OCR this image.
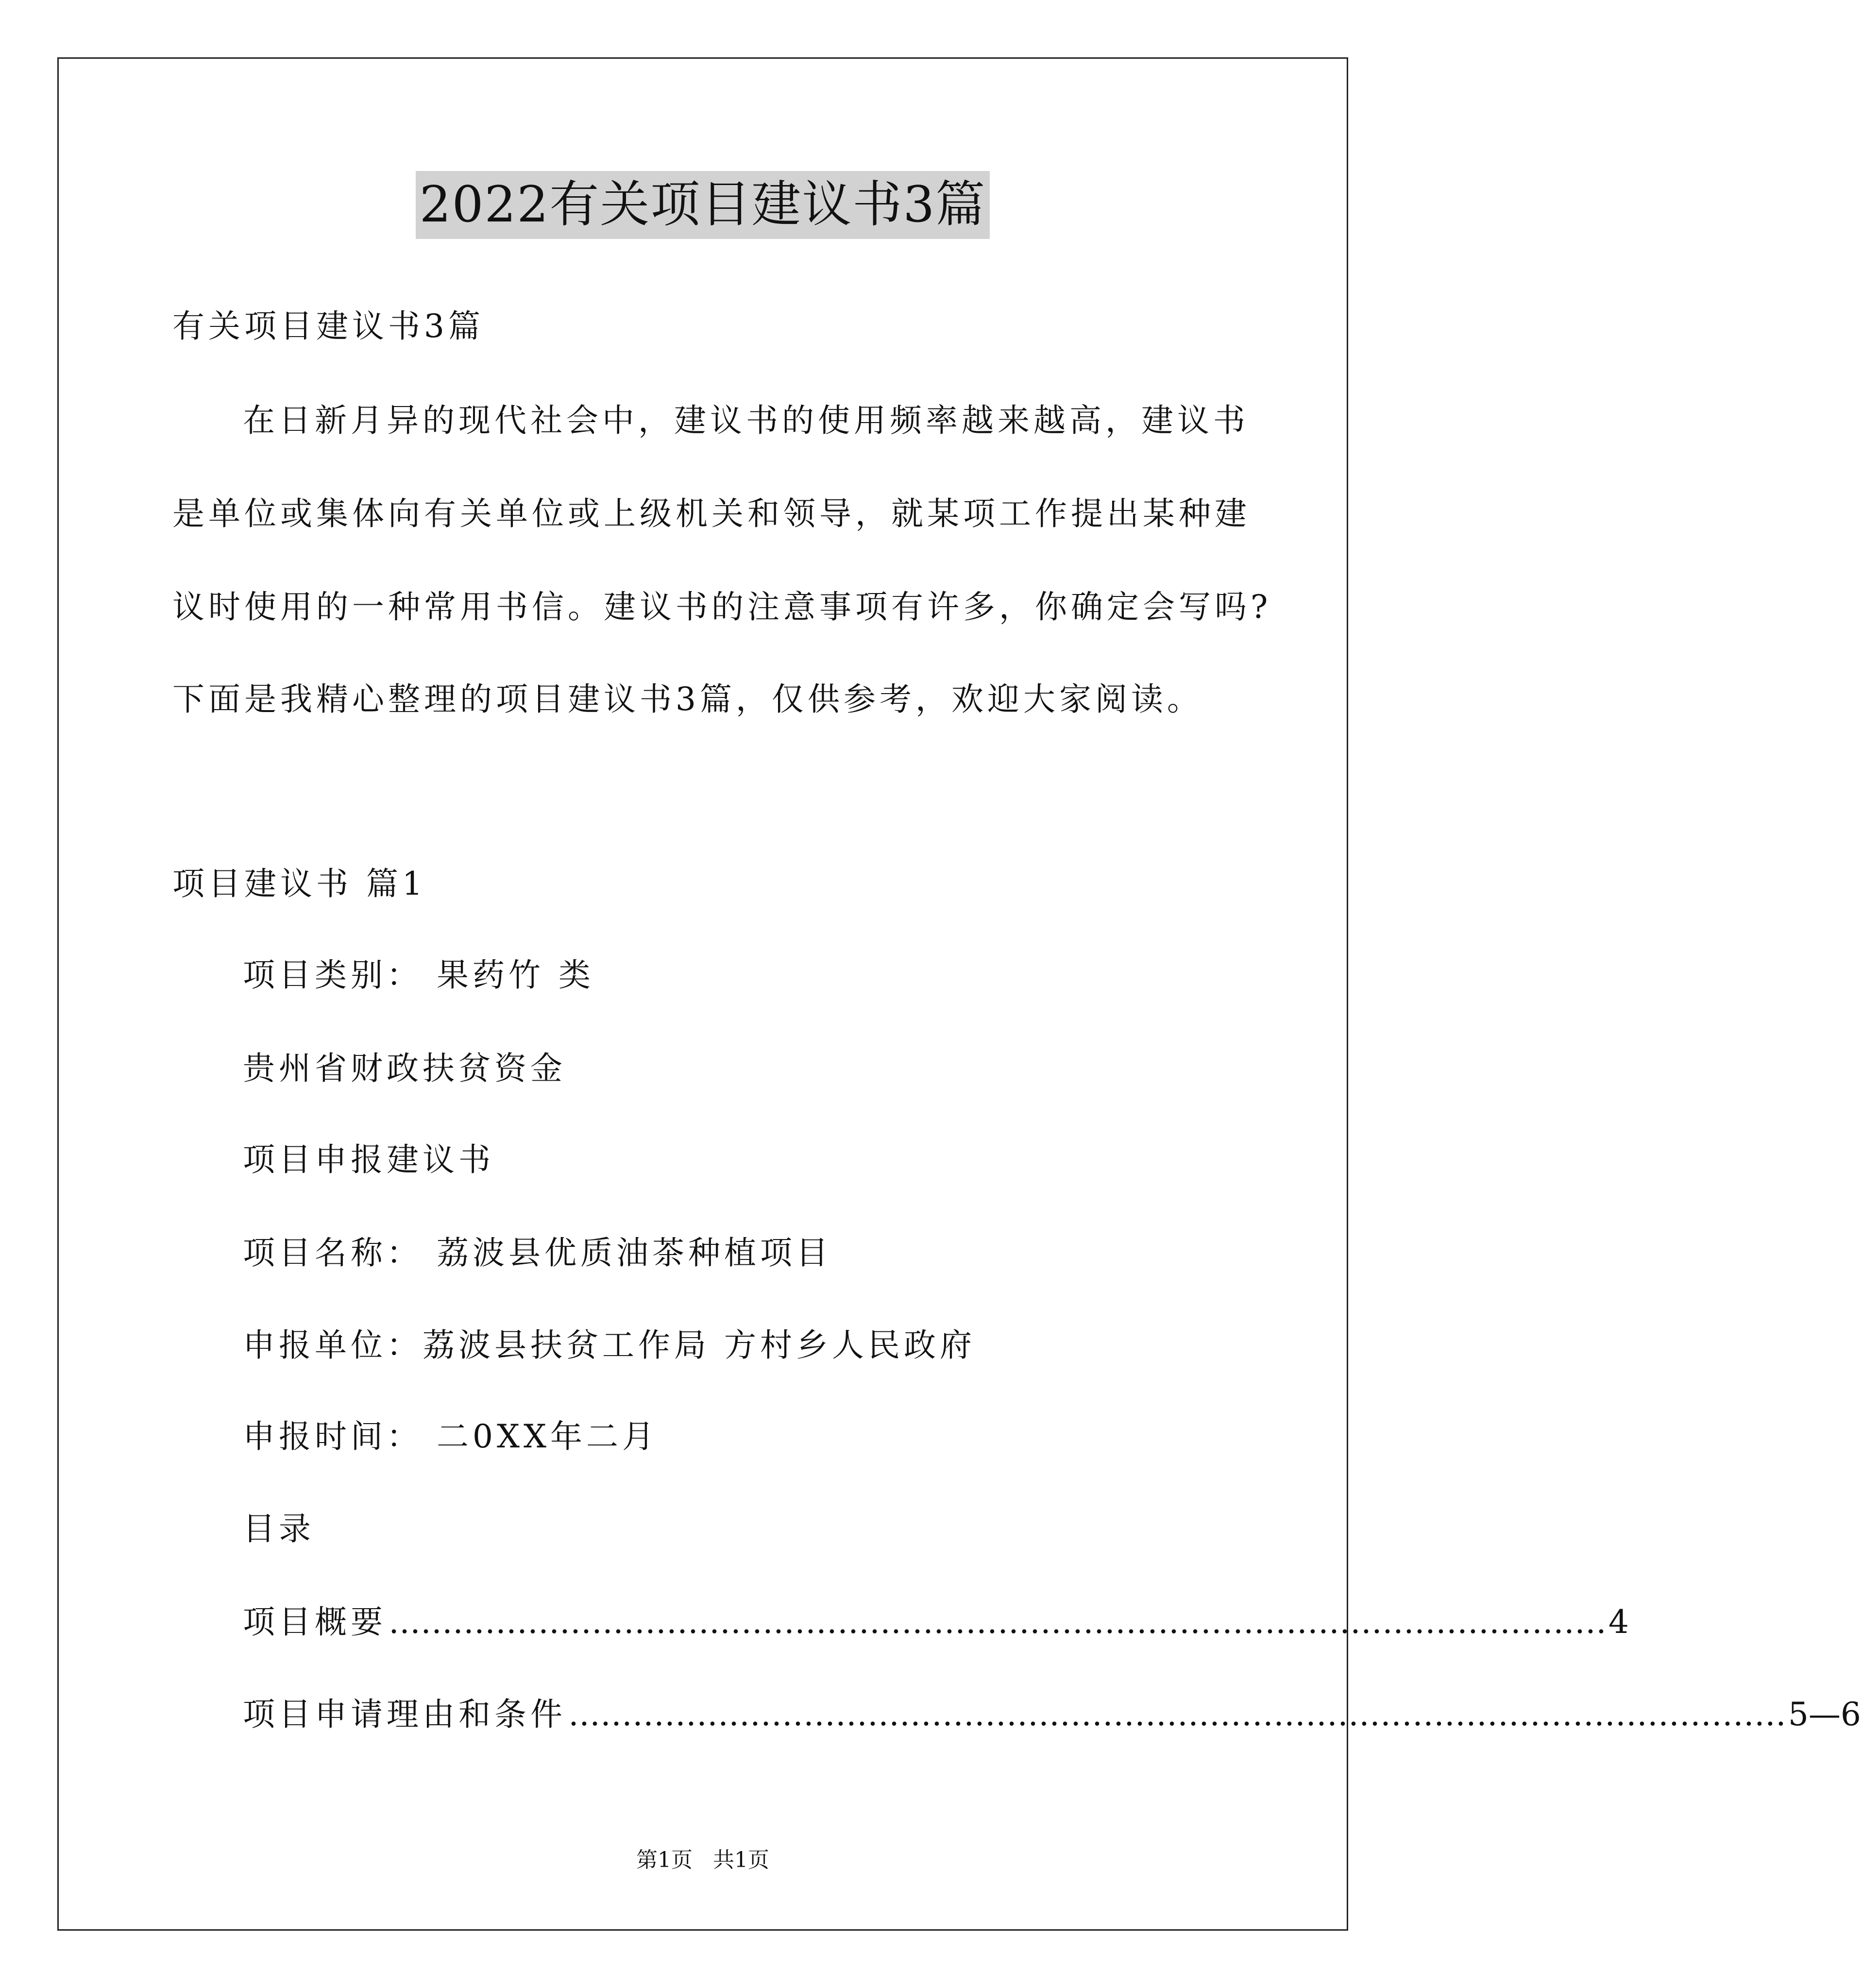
2022有关项目建议书3篇
有关项目建议书3篇
在日新月异的现代社会中，建议书的使用频率越来越高，建议书
是单位或集体向有关单位或上级机关和领导，就某项工作提出某种建
议时使用的一种常用书信。建议书的注意事项有许多，你确定会写吗?
下面是我精心整理的项目建议书3篇，仅供参考，欢迎大家阅读。
项目建议书 篇1
项目类别： 果药竹 类
贵州省财政扶贫资金
项目申报建议书
项目名称： 荔波县优质油茶种植项目
申报单位：荔波县扶贫工作局 方村乡人民政府
申报时间： 二0XX年二月
目录
项目概要 …………………………………………………………………………………………………… 4
项目申请理由和条件 …………………………………………………………………………………………………… 5—6
第1页 共1页
